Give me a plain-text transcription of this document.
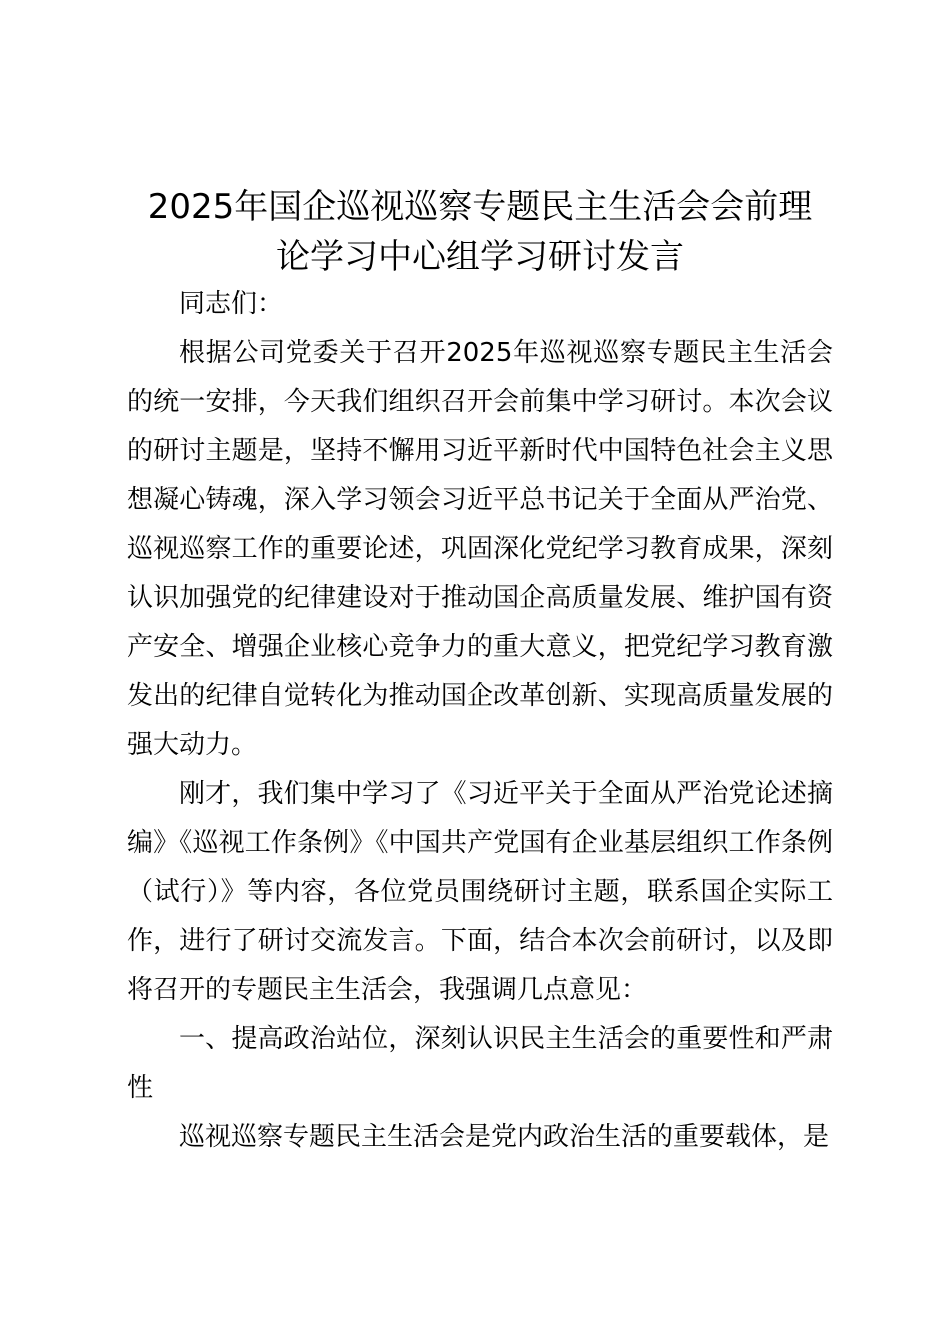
2025年国企巡视巡察专题民主生活会会前理
论学习中心组学习研讨发言

同志们：

根据公司党委关于召开2025年巡视巡察专题民主生活会的统一安排，今天我们组织召开会前集中学习研讨。本次会议的研讨主题是，坚持不懈用习近平新时代中国特色社会主义思想凝心铸魂，深入学习领会习近平总书记关于全面从严治党、巡视巡察工作的重要论述，巩固深化党纪学习教育成果，深刻认识加强党的纪律建设对于推动国企高质量发展、维护国有资产安全、增强企业核心竞争力的重大意义，把党纪学习教育激发出的纪律自觉转化为推动国企改革创新、实现高质量发展的强大动力。

刚才，我们集中学习了《习近平关于全面从严治党论述摘编》《巡视工作条例》《中国共产党国有企业基层组织工作条例（试行）》等内容，各位党员围绕研讨主题，联系国企实际工作，进行了研讨交流发言。下面，结合本次会前研讨，以及即将召开的专题民主生活会，我强调几点意见：

一、提高政治站位，深刻认识民主生活会的重要性和严肃性

巡视巡察专题民主生活会是党内政治生活的重要载体，是
